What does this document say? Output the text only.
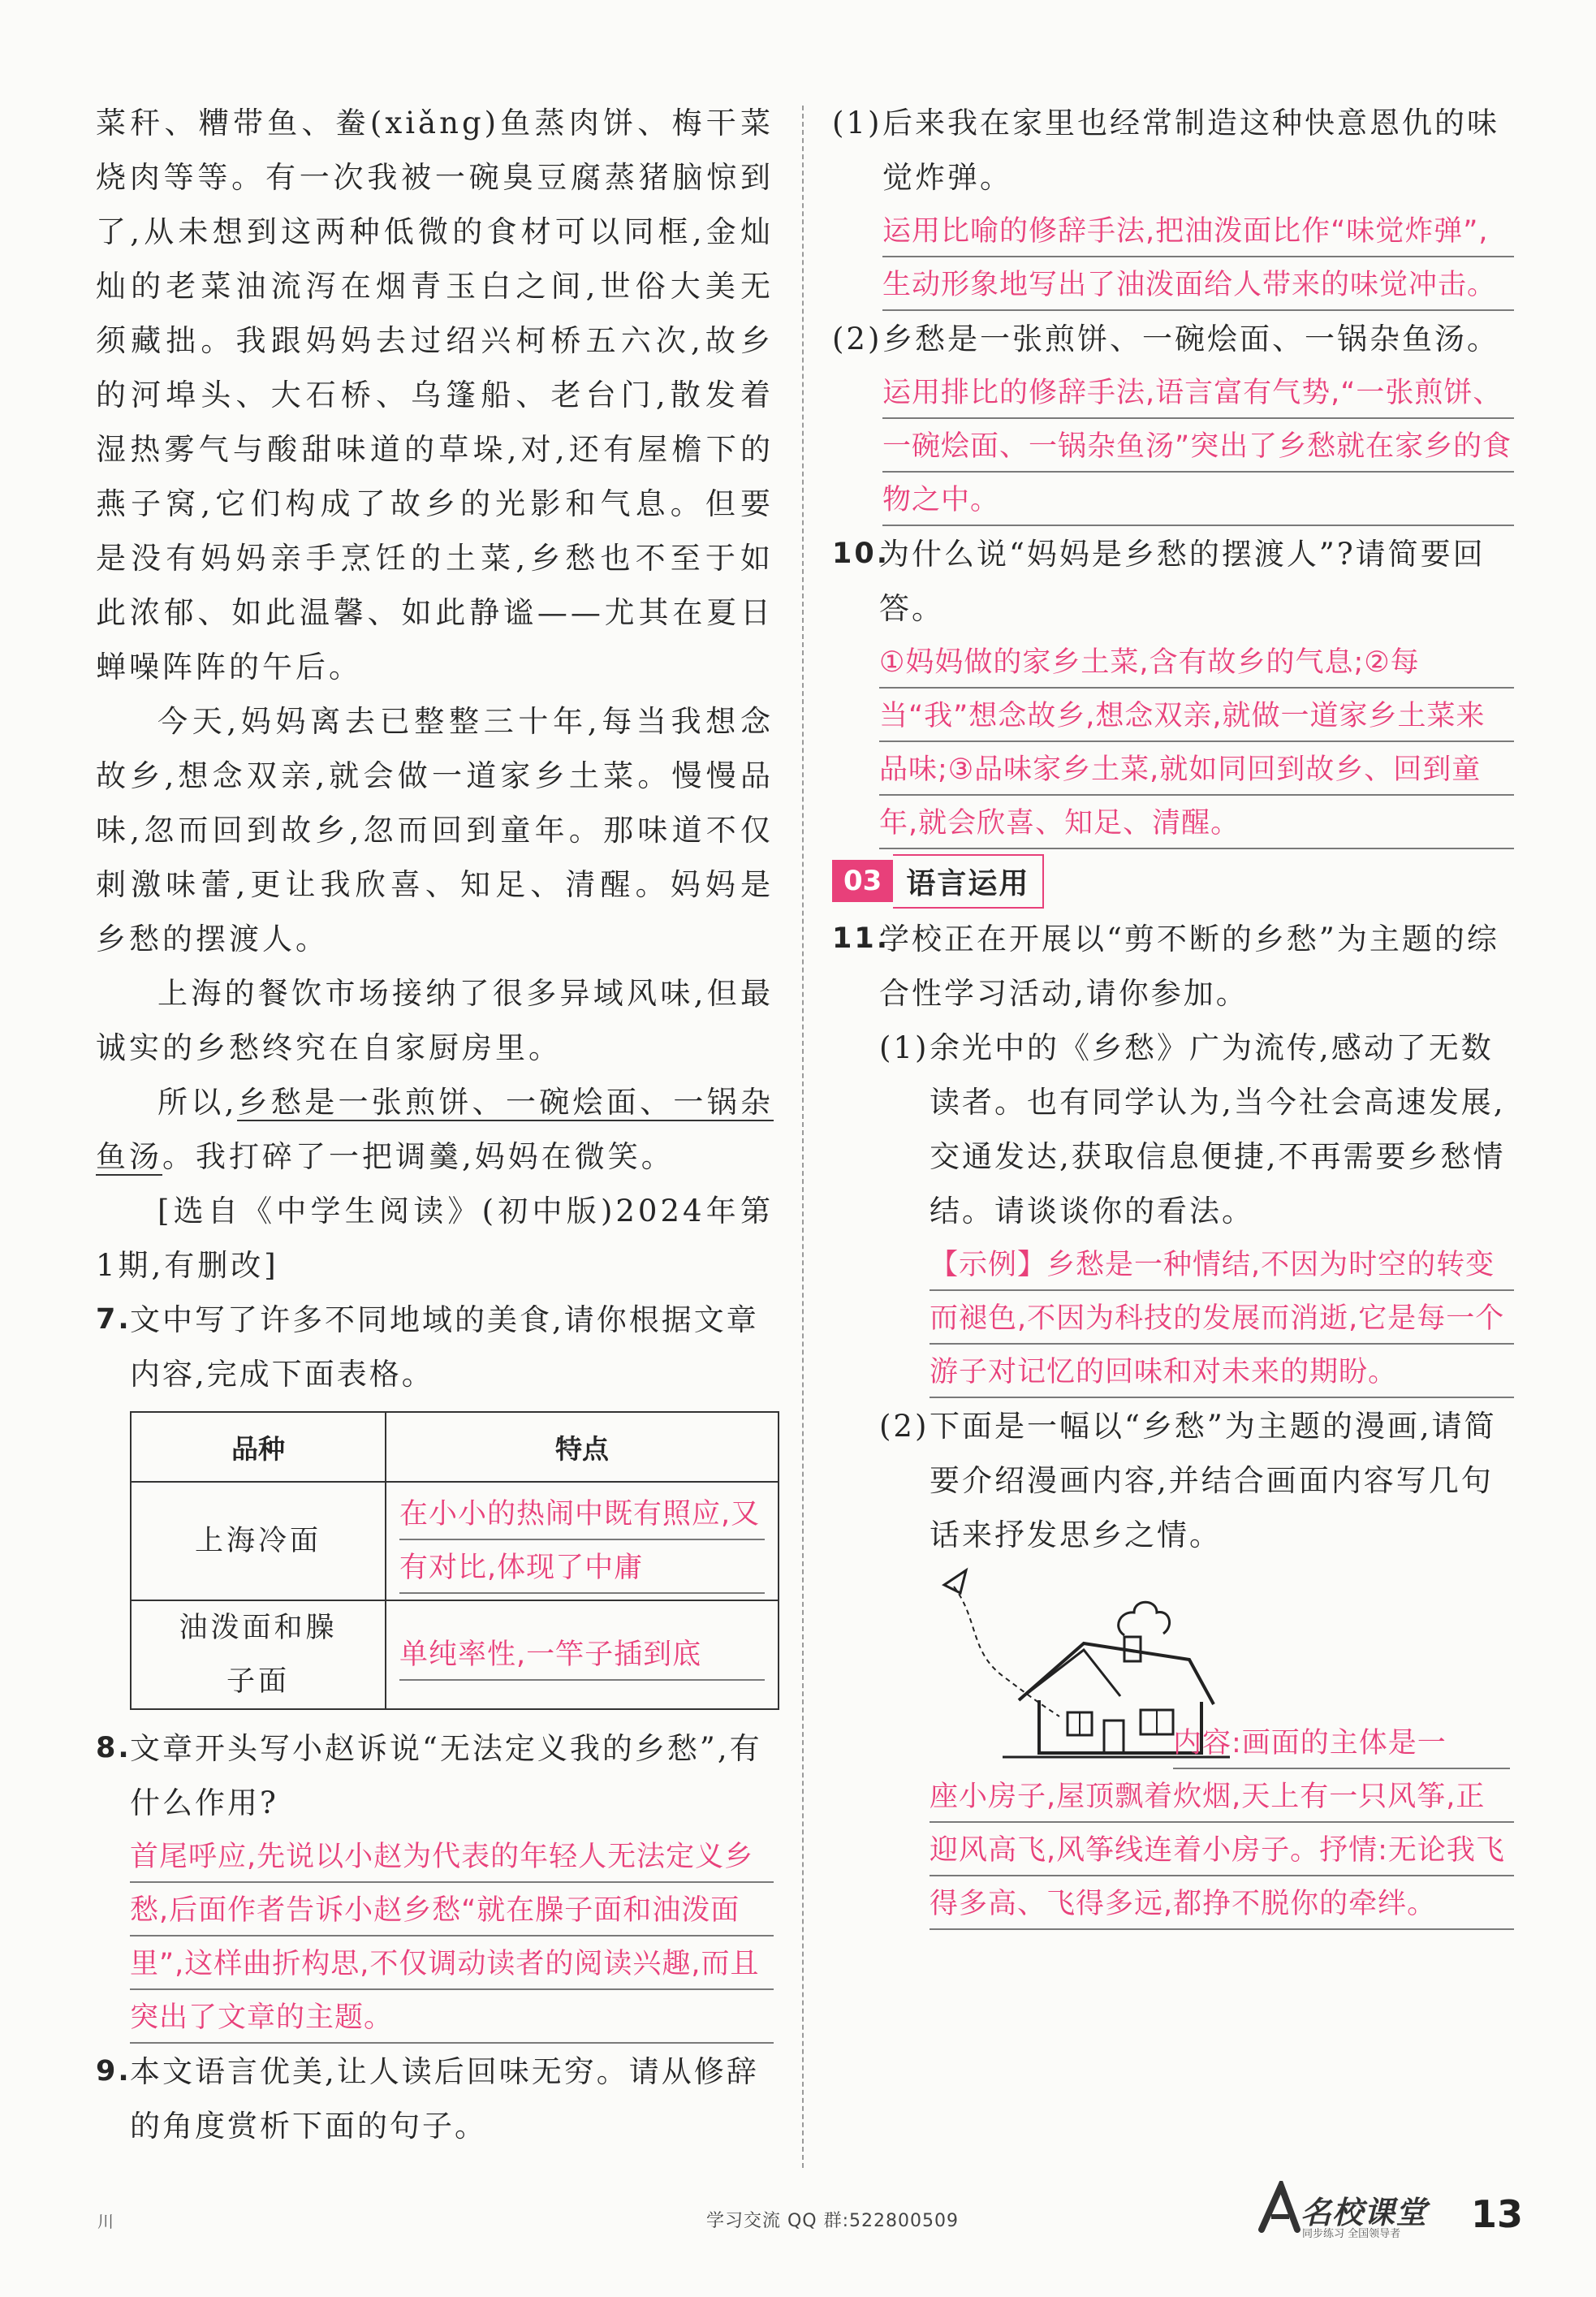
菜秆、糟带鱼、鲞(xiǎng)鱼蒸肉饼、梅干菜烧肉等等。有一次我被一碗臭豆腐蒸猪脑惊到了,从未想到这两种低微的食材可以同框,金灿灿的老菜油流泻在烟青玉白之间,世俗大美无须藏拙。我跟妈妈去过绍兴柯桥五六次,故乡的河埠头、大石桥、乌篷船、老台门,散发着湿热雾气与酸甜味道的草垛,对,还有屋檐下的燕子窝,它们构成了故乡的光影和气息。但要是没有妈妈亲手烹饪的土菜,乡愁也不至于如此浓郁、如此温馨、如此静谧——尤其在夏日蝉噪阵阵的午后。

今天,妈妈离去已整整三十年,每当我想念故乡,想念双亲,就会做一道家乡土菜。慢慢品味,忽而回到故乡,忽而回到童年。那味道不仅刺激味蕾,更让我欣喜、知足、清醒。妈妈是乡愁的摆渡人。

上海的餐饮市场接纳了很多异域风味,但最诚实的乡愁终究在自家厨房里。

所以,乡愁是一张煎饼、一碗烩面、一锅杂鱼汤。我打碎了一把调羹,妈妈在微笑。

[选自《中学生阅读》(初中版)2024年第1期,有删改]

7.
文中写了许多不同地域的美食,请你根据文章内容,完成下面表格。

品种	特点
上海冷面	在小小的热闹中既有照应,又有对比,体现了中庸

油泼面和臊子面	单纯率性,一竿子插到底

8.
文章开头写小赵诉说“无法定义我的乡愁”,有什么作用?

首尾呼应,先说以小赵为代表的年轻人无法定义乡愁,后面作者告诉小赵乡愁“就在臊子面和油泼面里”,这样曲折构思,不仅调动读者的阅读兴趣,而且突出了文章的主题。

9.
本文语言优美,让人读后回味无穷。请从修辞的角度赏析下面的句子。

(1) 后来我在家里也经常制造这种快意恩仇的味觉炸弹。

运用比喻的修辞手法,把油泼面比作“味觉炸弹”,生动形象地写出了油泼面给人带来的味觉冲击。

(2) 乡愁是一张煎饼、一碗烩面、一锅杂鱼汤。

运用排比的修辞手法,语言富有气势,“一张煎饼、一碗烩面、一锅杂鱼汤”突出了乡愁就在家乡的食物之中。

10.
为什么说“妈妈是乡愁的摆渡人”?请简要回答。

①妈妈做的家乡土菜,含有故乡的气息;②每当“我”想念故乡,想念双亲,就做一道家乡土菜来品味;③品味家乡土菜,就如同回到故乡、回到童年,就会欣喜、知足、清醒。
03 语言运用

11.
学校正在开展以“剪不断的乡愁”为主题的综合性学习活动,请你参加。

(1) 余光中的《乡愁》广为流传,感动了无数读者。也有同学认为,当今社会高速发展,交通发达,获取信息便捷,不再需要乡愁情结。请谈谈你的看法。

【示例】乡愁是一种情结,不因为时空的转变而褪色,不因为科技的发展而消逝,它是每一个游子对记忆的回味和对未来的期盼。

(2) 下面是一幅以“乡愁”为主题的漫画,请简要介绍漫画内容,并结合画面内容写几句话来抒发思乡之情。

内容:画面的主体是一
座小房子,屋顶飘着炊烟,天上有一只风筝,正迎风高飞,风筝线连着小房子。抒情:无论我飞得多高、飞得多远,都挣不脱你的牵绊。
川	学习交流 QQ 群:522800509	名校课堂
同步练习 全国领导者 13
